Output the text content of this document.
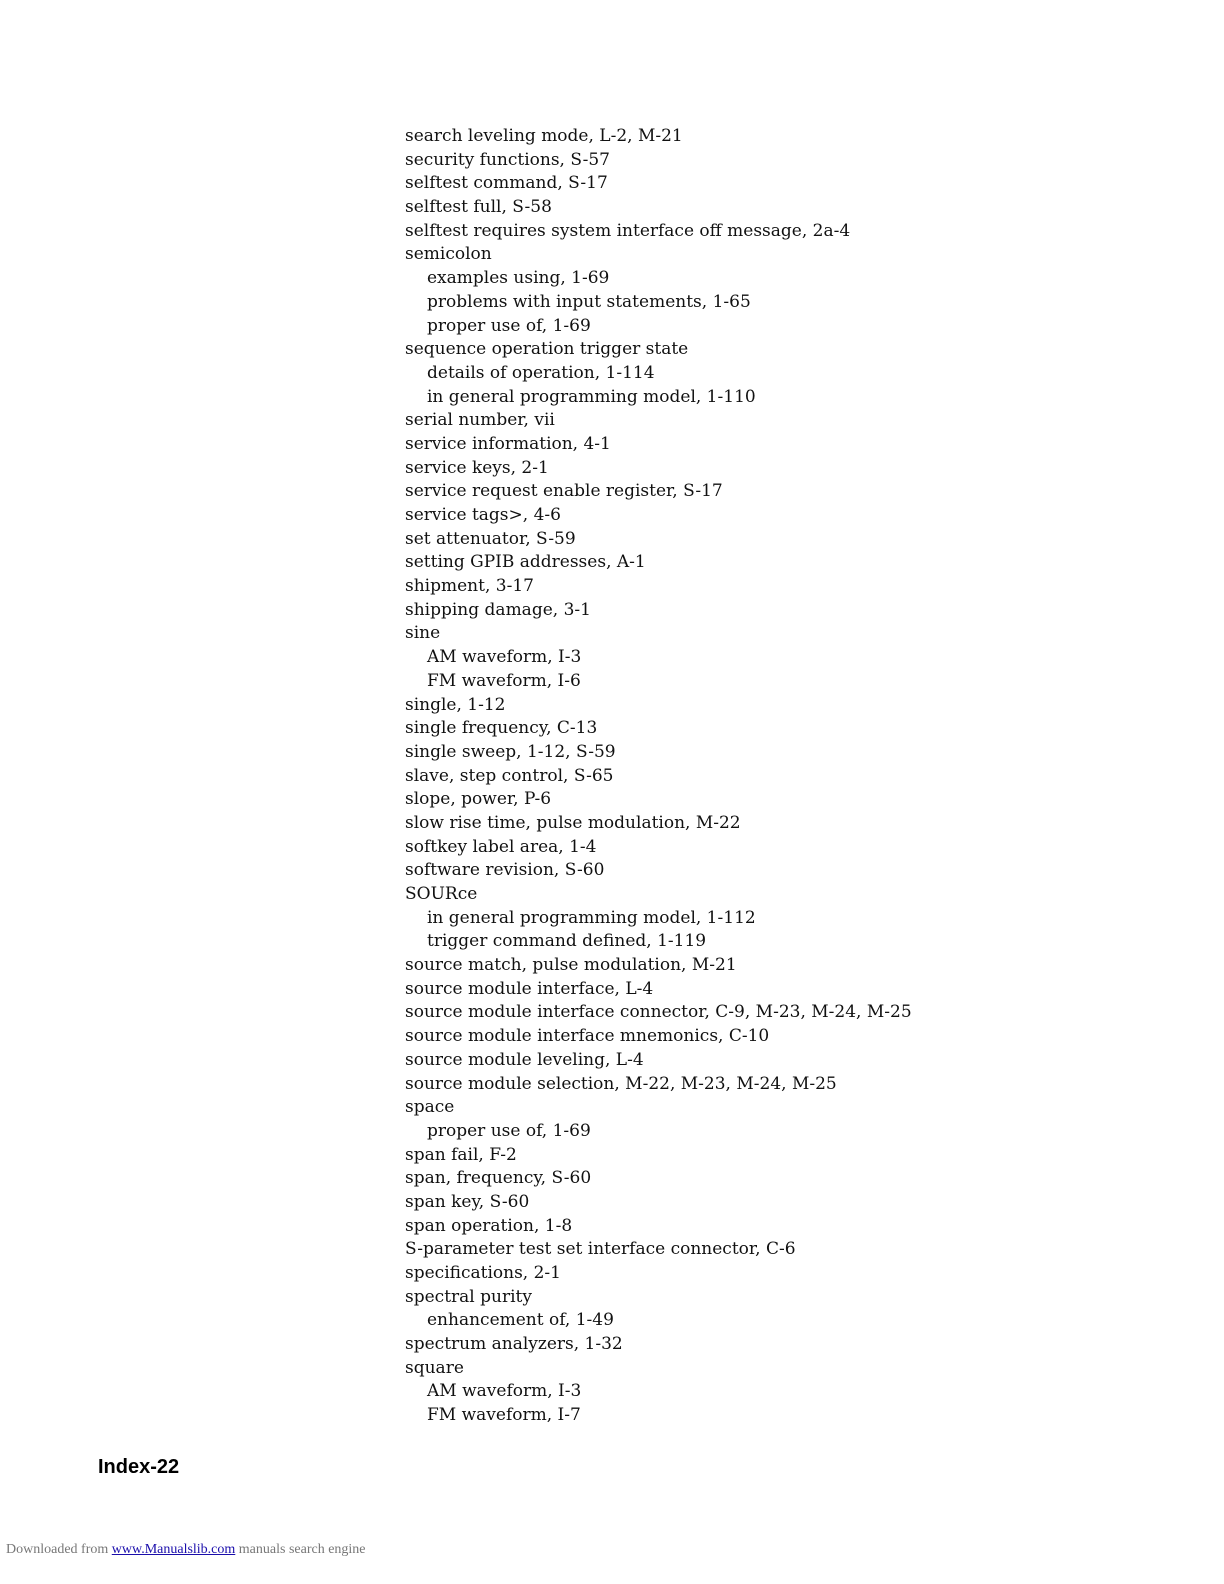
search leveling mode, L-2, M-21
security functions, S-57
selftest command, S-17
selftest full, S-58
selftest requires system interface off message, 2a-4
semicolon
examples using, 1-69
problems with input statements, 1-65
proper use of, 1-69
sequence operation trigger state
details of operation, 1-114
in general programming model, 1-110
serial number, vii
service information, 4-1
service keys, 2-1
service request enable register, S-17
service tags>, 4-6
set attenuator, S-59
setting GPIB addresses, A-1
shipment, 3-17
shipping damage, 3-1
sine
AM waveform, I-3
FM waveform, I-6
single, 1-12
single frequency, C-13
single sweep, 1-12, S-59
slave, step control, S-65
slope, power, P-6
slow rise time, pulse modulation, M-22
softkey label area, 1-4
software revision, S-60
SOURce
in general programming model, 1-112
trigger command defined, 1-119
source match, pulse modulation, M-21
source module interface, L-4
source module interface connector, C-9, M-23, M-24, M-25
source module interface mnemonics, C-10
source module leveling, L-4
source module selection, M-22, M-23, M-24, M-25
space
proper use of, 1-69
span fail, F-2
span, frequency, S-60
span key, S-60
span operation, 1-8
S-parameter test set interface connector, C-6
specifications, 2-1
spectral purity
enhancement of, 1-49
spectrum analyzers, 1-32
square
AM waveform, I-3
FM waveform, I-7
Index-22
Downloaded from www.Manualslib.com manuals search engine
